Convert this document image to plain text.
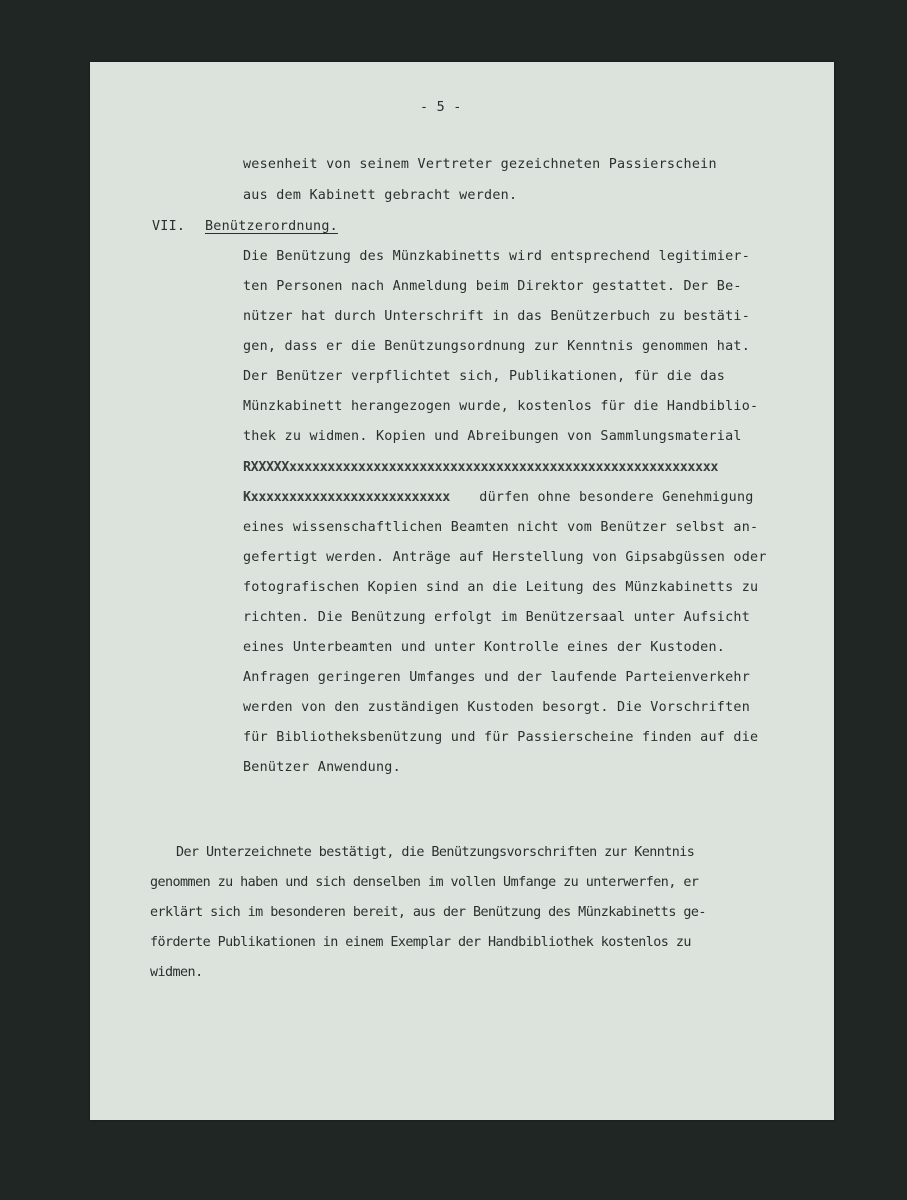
- 5 -
wesenheit von seinem Vertreter gezeichneten Passierschein
aus dem Kabinett gebracht werden.
VII. Benützerordnung.
Die Benützung des Münzkabinetts wird entsprechend legitimier-
ten Personen nach Anmeldung beim Direktor gestattet. Der Be-
nützer hat durch Unterschrift in das Benützerbuch zu bestäti-
gen, dass er die Benützungsordnung zur Kenntnis genommen hat.
Der Benützer verpflichtet sich, Publikationen, für die das
Münzkabinett herangezogen wurde, kostenlos für die Handbiblio-
thek zu widmen. Kopien und Abreibungen von Sammlungsmaterial
RXXXXXxxxxxxxxxxxxxxxxxxxxxxxxxxxxxxxxxxxxxxxxxxxxxxxxxxxxxxxx
Kxxxxxxxxxxxxxxxxxxxxxxxxxx dürfen ohne besondere Genehmigung
eines wissenschaftlichen Beamten nicht vom Benützer selbst an-
gefertigt werden. Anträge auf Herstellung von Gipsabgüssen oder
fotografischen Kopien sind an die Leitung des Münzkabinetts zu
richten. Die Benützung erfolgt im Benützersaal unter Aufsicht
eines Unterbeamten und unter Kontrolle eines der Kustoden.
Anfragen geringeren Umfanges und der laufende Parteienverkehr
werden von den zuständigen Kustoden besorgt. Die Vorschriften
für Bibliotheksbenützung und für Passierscheine finden auf die
Benützer Anwendung.
Der Unterzeichnete bestätigt, die Benützungsvorschriften zur Kenntnis
genommen zu haben und sich denselben im vollen Umfange zu unterwerfen, er
erklärt sich im besonderen bereit, aus der Benützung des Münzkabinetts ge-
förderte Publikationen in einem Exemplar der Handbibliothek kostenlos zu
widmen.
